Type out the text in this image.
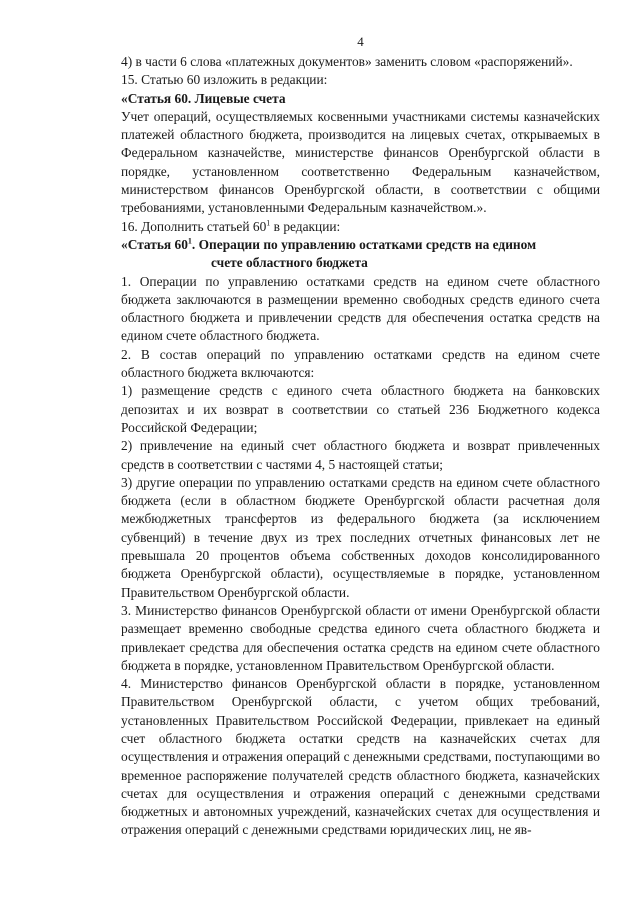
4

4) в части 6 слова «платежных документов» заменить словом «распоряжений».

15. Статью 60 изложить в редакции:

«Статья 60. Лицевые счета

Учет операций, осуществляемых косвенными участниками системы казначейских платежей областного бюджета, производится на лицевых счетах, открываемых в Федеральном казначействе, министерстве финансов Оренбургской области в порядке, установленном соответственно Федеральным казначейством, министерством финансов Оренбургской области, в соответствии с общими требованиями, установленными Федеральным казначейством.».

16. Дополнить статьей $60^1$ в редакции:

«Статья $60^1$. Операции по управлению остатками средств на едином

счете областного бюджета

1. Операции по управлению остатками средств на едином счете областного бюджета заключаются в размещении временно свободных средств единого счета областного бюджета и привлечении средств для обеспечения остатка средств на едином счете областного бюджета.

2. В состав операций по управлению остатками средств на едином счете областного бюджета включаются:

1) размещение средств с единого счета областного бюджета на банковских депозитах и их возврат в соответствии со статьей 236 Бюджетного кодекса Российской Федерации;

2) привлечение на единый счет областного бюджета и возврат привлеченных средств в соответствии с частями 4, 5 настоящей статьи;

3) другие операции по управлению остатками средств на едином счете областного бюджета (если в областном бюджете Оренбургской области расчетная доля межбюджетных трансфертов из федерального бюджета (за исключением субвенций) в течение двух из трех последних отчетных финансовых лет не превышала 20 процентов объема собственных доходов консолидированного бюджета Оренбургской области), осуществляемые в порядке, установленном Правительством Оренбургской области.

3. Министерство финансов Оренбургской области от имени Оренбургской области размещает временно свободные средства единого счета областного бюджета и привлекает средства для обеспечения остатка средств на едином счете областного бюджета в порядке, установленном Правительством Оренбургской области.

4. Министерство финансов Оренбургской области в порядке, установленном Правительством Оренбургской области, с учетом общих требований, установленных Правительством Российской Федерации, привлекает на единый счет областного бюджета остатки средств на казначейских счетах для осуществления и отражения операций с денежными средствами, поступающими во временное распоряжение получателей средств областного бюджета, казначейских счетах для осуществления и отражения операций с денежными средствами бюджетных и автономных учреждений, казначейских счетах для осуществления и отражения операций с денежными средствами юридических лиц, не яв-
